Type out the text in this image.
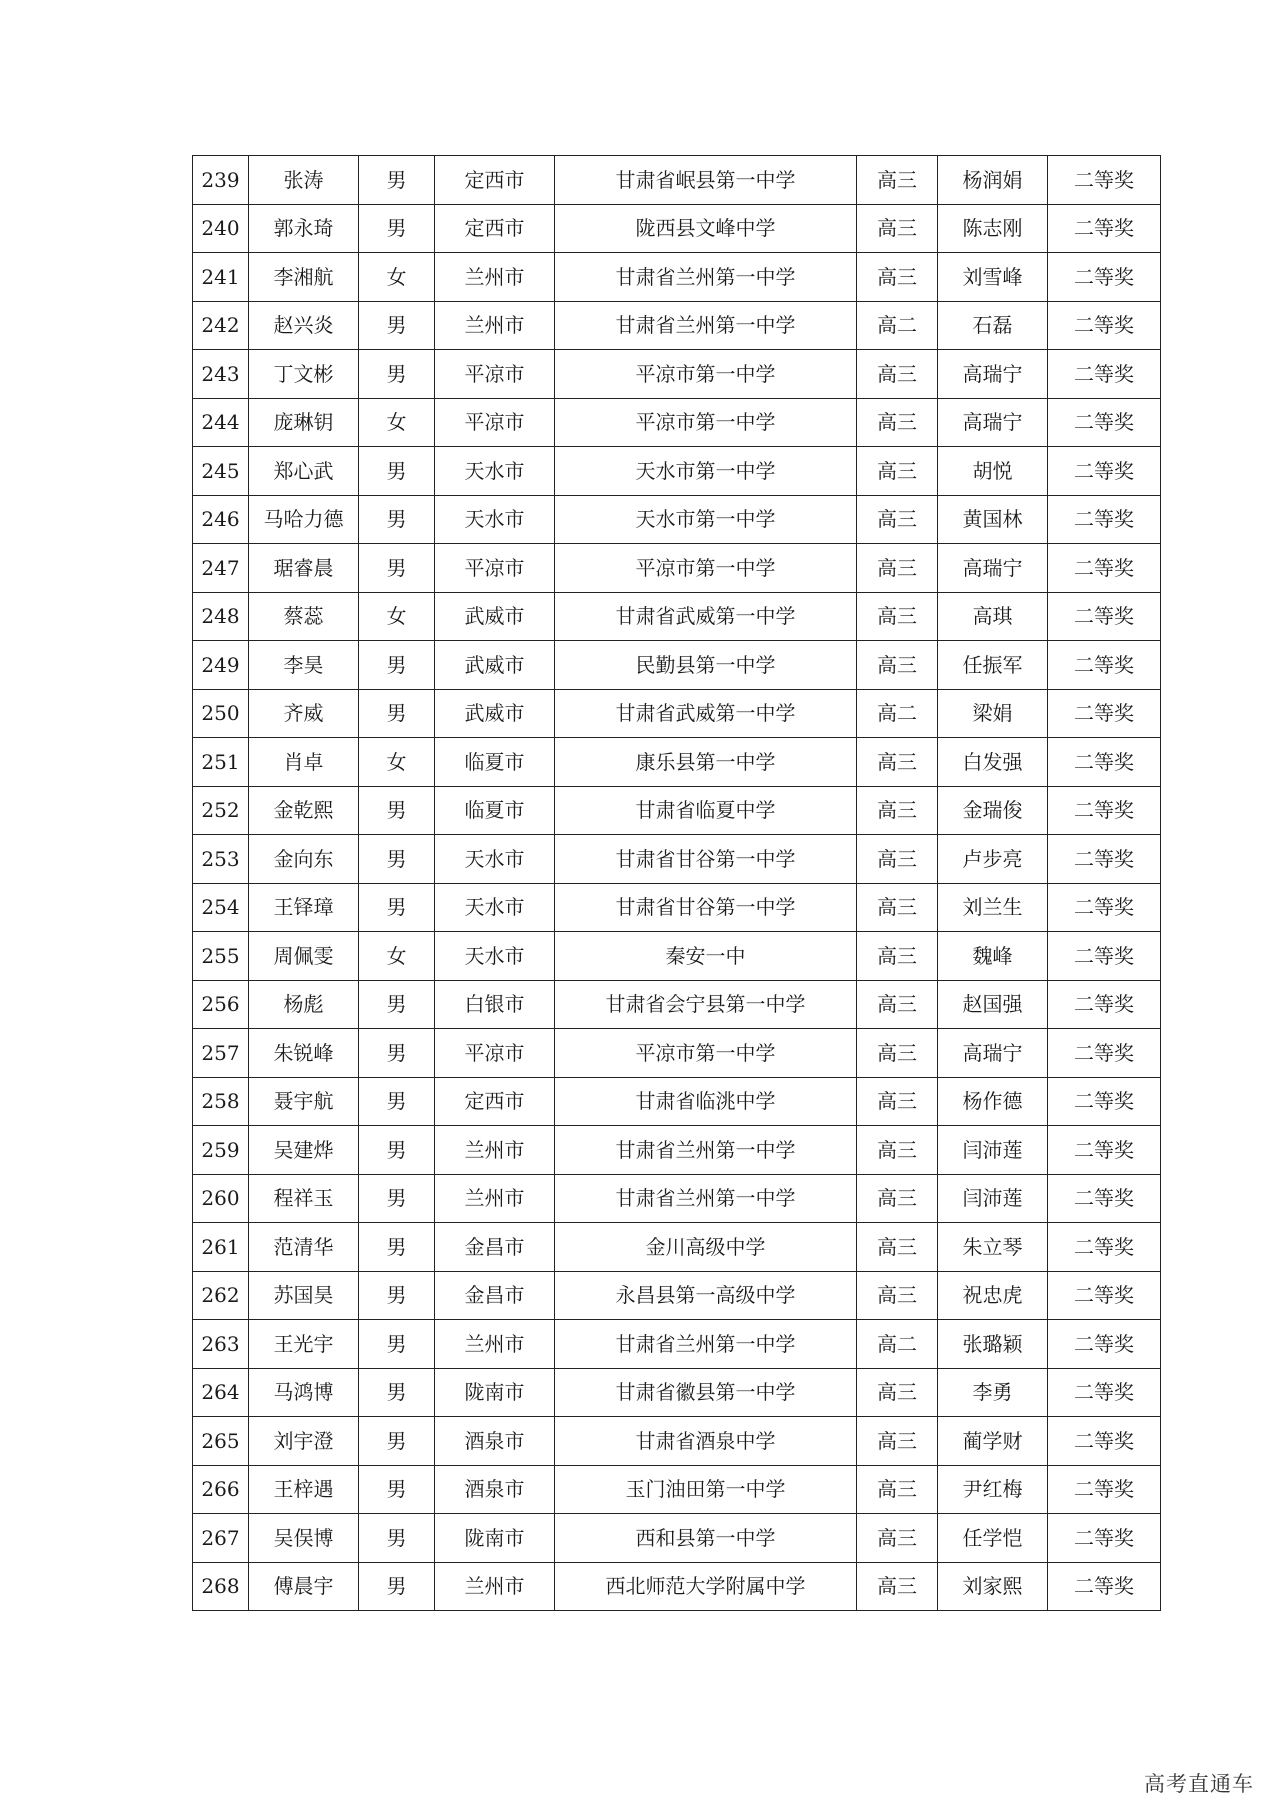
239	张涛	男	定西市	甘肃省岷县第一中学	高三	杨润娟	二等奖
240	郭永琦	男	定西市	陇西县文峰中学	高三	陈志刚	二等奖
241	李湘航	女	兰州市	甘肃省兰州第一中学	高三	刘雪峰	二等奖
242	赵兴炎	男	兰州市	甘肃省兰州第一中学	高二	石磊	二等奖
243	丁文彬	男	平凉市	平凉市第一中学	高三	高瑞宁	二等奖
244	庞琳钥	女	平凉市	平凉市第一中学	高三	高瑞宁	二等奖
245	郑心武	男	天水市	天水市第一中学	高三	胡悦	二等奖
246	马哈力德	男	天水市	天水市第一中学	高三	黄国林	二等奖
247	琚睿晨	男	平凉市	平凉市第一中学	高三	高瑞宁	二等奖
248	蔡蕊	女	武威市	甘肃省武威第一中学	高三	高琪	二等奖
249	李昊	男	武威市	民勤县第一中学	高三	任振军	二等奖
250	齐威	男	武威市	甘肃省武威第一中学	高二	梁娟	二等奖
251	肖卓	女	临夏市	康乐县第一中学	高三	白发强	二等奖
252	金乾熙	男	临夏市	甘肃省临夏中学	高三	金瑞俊	二等奖
253	金向东	男	天水市	甘肃省甘谷第一中学	高三	卢步亮	二等奖
254	王铎璋	男	天水市	甘肃省甘谷第一中学	高三	刘兰生	二等奖
255	周佩雯	女	天水市	秦安一中	高三	魏峰	二等奖
256	杨彪	男	白银市	甘肃省会宁县第一中学	高三	赵国强	二等奖
257	朱锐峰	男	平凉市	平凉市第一中学	高三	高瑞宁	二等奖
258	聂宇航	男	定西市	甘肃省临洮中学	高三	杨作德	二等奖
259	吴建烨	男	兰州市	甘肃省兰州第一中学	高三	闫沛莲	二等奖
260	程祥玉	男	兰州市	甘肃省兰州第一中学	高三	闫沛莲	二等奖
261	范清华	男	金昌市	金川高级中学	高三	朱立琴	二等奖
262	苏国昊	男	金昌市	永昌县第一高级中学	高三	祝忠虎	二等奖
263	王光宇	男	兰州市	甘肃省兰州第一中学	高二	张璐颖	二等奖
264	马鸿博	男	陇南市	甘肃省徽县第一中学	高三	李勇	二等奖
265	刘宇澄	男	酒泉市	甘肃省酒泉中学	高三	蔺学财	二等奖
266	王梓遇	男	酒泉市	玉门油田第一中学	高三	尹红梅	二等奖
267	吴俣博	男	陇南市	西和县第一中学	高三	任学恺	二等奖
268	傅晨宇	男	兰州市	西北师范大学附属中学	高三	刘家熙	二等奖
高考直通车
